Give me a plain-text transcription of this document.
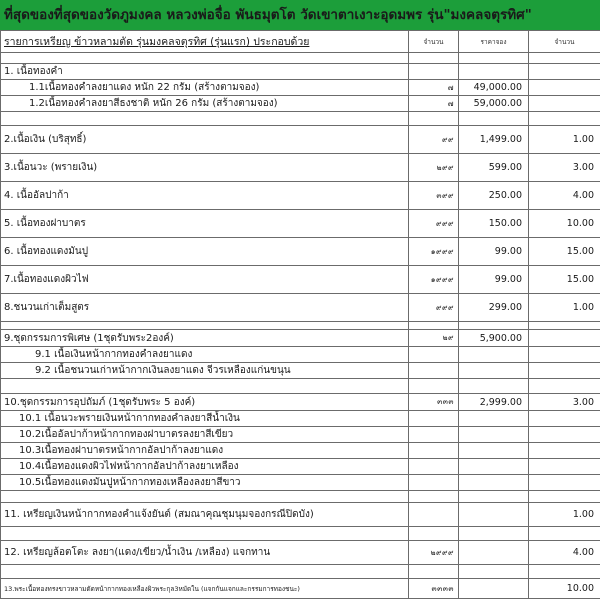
ที่สุดของที่สุดของวัดภูมงคล หลวงพ่อจื่อ พันธมุตโต วัดเขาตาเงาะอุดมพร รุ่น"มงคลจตุรทิศ"
รายการเหรียญ ข้าวหลามตัด รุ่นมงคลจตุรทิศ (รุ่นแรก) ประกอบด้วย	จำนวน	ราคาจอง	จำนวน

1. เนื้อทองคำ			
1.1เนื้อทองคำลงยาแดง หนัก 22 กรัม (สร้างตามจอง)	๗	49,000.00	
1.2เนื้อทองคำลงยาสีธงชาติ หนัก 26 กรัม (สร้างตามจอง)	๗	59,000.00	

2.เนื้อเงิน (บริสุทธิ์)	๙๙	1,499.00	1.00
3.เนื้อนวะ (พรายเงิน)	๒๙๙	599.00	3.00
4. เนื้ออัลปาก้า	๓๙๙	250.00	4.00
5. เนื้อทองฝาบาตร	๙๙๙	150.00	10.00
6. เนื้อทองแดงมันปู	๑๙๙๙	99.00	15.00
7.เนื้อทองแดงผิวไฟ	๑๙๙๙	99.00	15.00
8.ชนวนเก่าเต็มสูตร	๙๙๙	299.00	1.00

9.ชุดกรรมการพิเศษ (1ชุดรับพระ2องค์)	๒๙	5,900.00	
9.1 เนื้อเงินหน้ากากทองคำลงยาแดง			
9.2 เนื้อชนวนเก่าหน้ากากเงินลงยาแดง จีวรเหลืองแก่นขนุน			

10.ชุดกรรมการอุปถัมภ์ (1ชุดรับพระ 5 องค์)	๓๓๓	2,999.00	3.00
10.1 เนื้อนวะพรายเงินหน้ากากทองคำลงยาสีน้ำเงิน			
10.2เนื้ออัลปาก้าหน้ากากทองฝาบาตรลงยาสีเขียว			
10.3เนื้อทองฝาบาตรหน้ากากอัลปาก้าลงยาแดง			
10.4เนื้อทองแดงผิวไฟหน้ากากอัลปาก้าลงยาเหลือง			
10.5เนื้อทองแดงมันปูหน้ากากทองเหลืองลงยาสีขาว			

11. เหรียญเงินหน้ากากทองคำแจ้งยันต์ (สมณาคุณชุมนุมจองกรณีปิดบัง)			1.00

12. เหรียญล้อตโตะ ลงยา(แดง/เขียว/น้ำเงิน /เหลือง) แจกทาน	๒๙๙๙		4.00

13.พระเนื้อทองทรงขาวหลามตัดหน้ากากทองเหลืองผิวพระกุล3หมัดใน (แจกกันแจกและกรรมการทองชนะ)	๓๓๓๓		10.00
